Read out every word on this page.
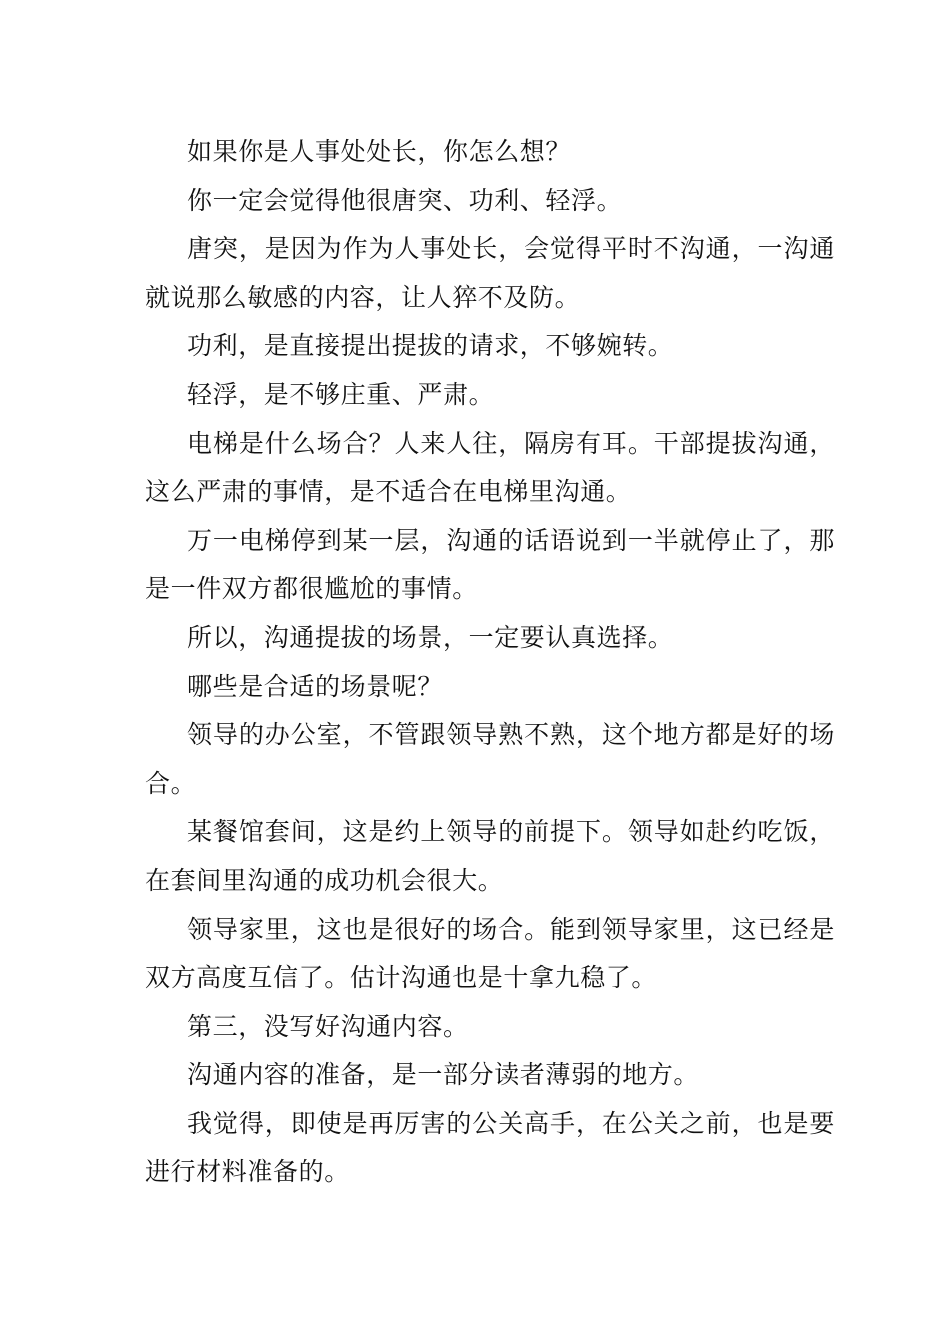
如果你是人事处处长，你怎么想？

你一定会觉得他很唐突、功利、轻浮。

唐突，是因为作为人事处长，会觉得平时不沟通，一沟通就说那么敏感的内容，让人猝不及防。

功利，是直接提出提拔的请求，不够婉转。

轻浮，是不够庄重、严肃。

电梯是什么场合？人来人往，隔房有耳。干部提拔沟通，这么严肃的事情，是不适合在电梯里沟通。

万一电梯停到某一层，沟通的话语说到一半就停止了，那是一件双方都很尴尬的事情。

所以，沟通提拔的场景，一定要认真选择。

哪些是合适的场景呢？

领导的办公室，不管跟领导熟不熟，这个地方都是好的场合。

某餐馆套间，这是约上领导的前提下。领导如赴约吃饭，在套间里沟通的成功机会很大。

领导家里，这也是很好的场合。能到领导家里，这已经是双方高度互信了。估计沟通也是十拿九稳了。

第三，没写好沟通内容。

沟通内容的准备，是一部分读者薄弱的地方。

我觉得，即使是再厉害的公关高手，在公关之前，也是要进行材料准备的。
